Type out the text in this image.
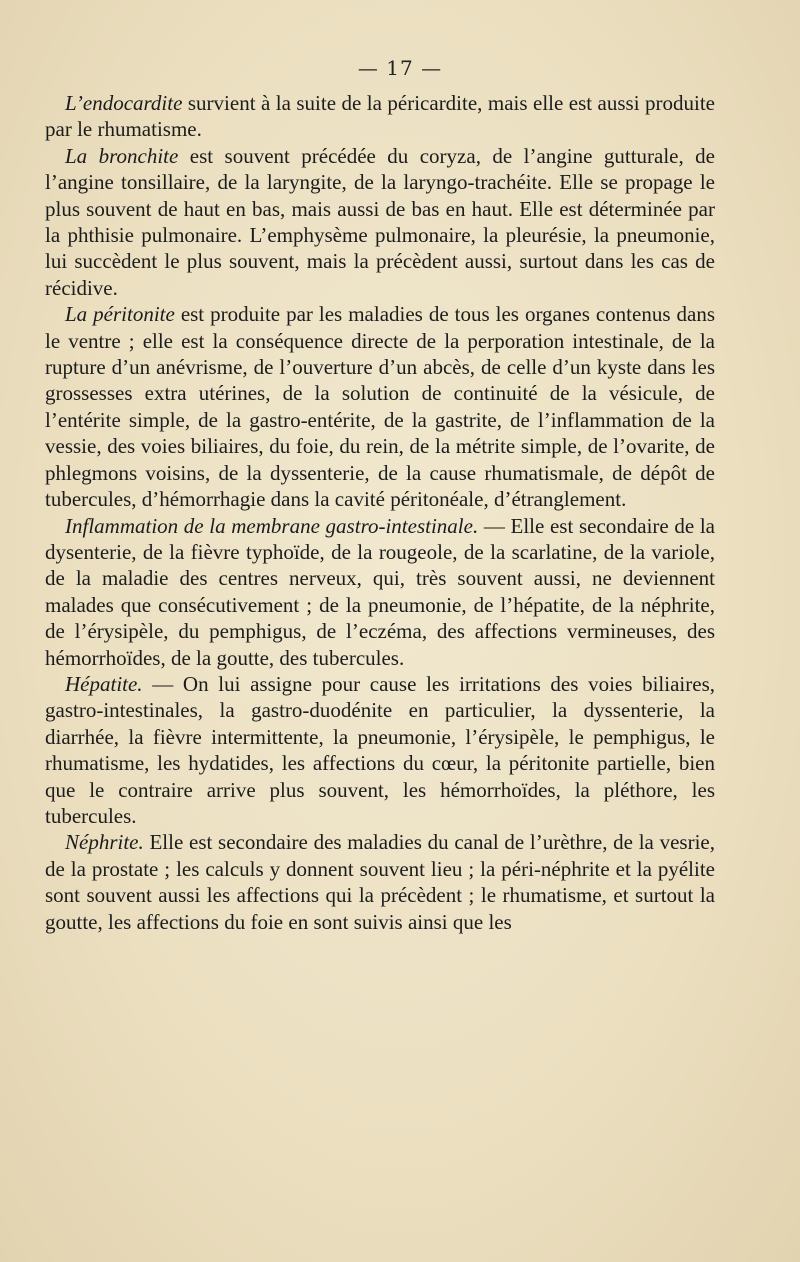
— 17 —

L’endocardite survient à la suite de la péricardite, mais elle est aussi produite par le rhumatisme.

La bronchite est souvent précédée du coryza, de l’angine gutturale, de l’angine tonsillaire, de la laryngite, de la laryngo-trachéite. Elle se propage le plus souvent de haut en bas, mais aussi de bas en haut. Elle est déterminée par la phthisie pulmonaire. L’emphysème pulmonaire, la pleurésie, la pneumonie, lui succèdent le plus souvent, mais la précèdent aussi, surtout dans les cas de récidive.

La péritonite est produite par les maladies de tous les organes contenus dans le ventre ; elle est la conséquence directe de la perporation intestinale, de la rupture d’un anévrisme, de l’ouverture d’un abcès, de celle d’un kyste dans les grossesses extra utérines, de la solution de continuité de la vésicule, de l’entérite simple, de la gastro-entérite, de la gastrite, de l’inflammation de la vessie, des voies biliaires, du foie, du rein, de la métrite simple, de l’ovarite, de phlegmons voisins, de la dyssenterie, de la cause rhumatismale, de dépôt de tubercules, d’hémorrhagie dans la cavité péritonéale, d’étranglement.

Inflammation de la membrane gastro-intestinale. — Elle est secondaire de la dysenterie, de la fièvre typhoïde, de la rougeole, de la scarlatine, de la variole, de la maladie des centres nerveux, qui, très souvent aussi, ne deviennent malades que consécutivement ; de la pneumonie, de l’hépatite, de la néphrite, de l’érysipèle, du pemphigus, de l’eczéma, des affections vermineuses, des hémorrhoïdes, de la goutte, des tubercules.

Hépatite. — On lui assigne pour cause les irritations des voies biliaires, gastro-intestinales, la gastro-duodénite en particulier, la dyssenterie, la diarrhée, la fièvre intermittente, la pneumonie, l’érysipèle, le pemphigus, le rhumatisme, les hydatides, les affections du cœur, la péritonite partielle, bien que le contraire arrive plus souvent, les hémorrhoïdes, la pléthore, les tubercules.

Néphrite. Elle est secondaire des maladies du canal de l’urèthre, de la vesrie, de la prostate ; les calculs y donnent souvent lieu ; la péri-néphrite et la pyélite sont souvent aussi les affections qui la précèdent ; le rhumatisme, et surtout la goutte, les affections du foie en sont suivis ainsi que les
